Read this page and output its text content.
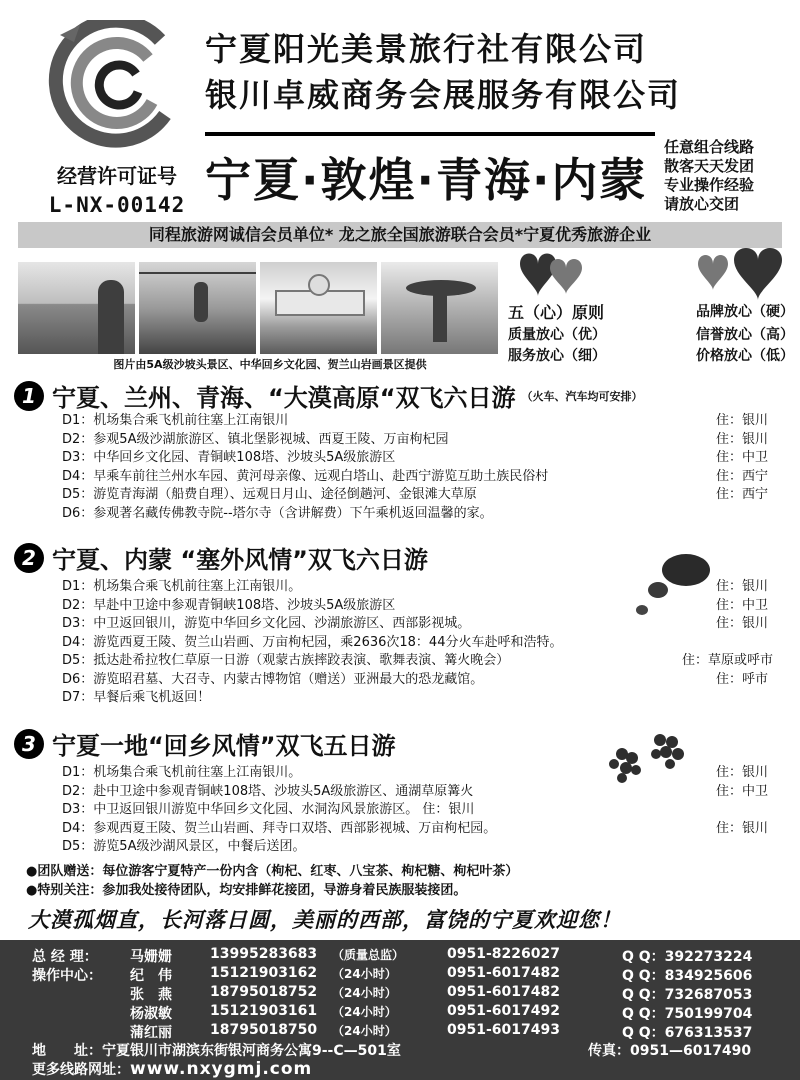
经营许可证号
L-NX-00142
宁夏阳光美景旅行社有限公司
银川卓威商务会展服务有限公司
宁夏·敦煌·青海·内蒙
任意组合线路
散客天天发团
专业操作经验
请放心交团
同程旅游网诚信会员单位* 龙之旅全国旅游联合会员*宁夏优秀旅游企业
图片由5A级沙坡头景区、中华回乡文化园、贺兰山岩画景区提供
五（心）原则	品牌放心（硬）
质量放心（优）	信誉放心（高）
服务放心（细）	价格放心（低）
1 宁夏、兰州、青海、“大漠高原“双飞六日游 （火车、汽车均可安排）
D1： 机场集合乘飞机前往塞上江南银川	住：银川
D2： 参观5A级沙湖旅游区、镇北堡影视城、西夏王陵、万亩枸杞园	住：银川
D3： 中华回乡文化园、青铜峡108塔、沙坡头5A级旅游区	住：中卫
D4： 早乘车前往兰州水车园、黄河母亲像、远观白塔山、赴西宁游览互助土族民俗村	住：西宁
D5： 游览青海湖（船费自理）、远观日月山、途径倒趟河、金银滩大草原	住：西宁
D6： 参观著名藏传佛教寺院--塔尔寺（含讲解费）下午乘机返回温馨的家。
2 宁夏、内蒙 “塞外风情”双飞六日游
D1： 机场集合乘飞机前往塞上江南银川。	住：银川
D2： 早赴中卫途中参观青铜峡108塔、沙坡头5A级旅游区	住：中卫
D3： 中卫返回银川，游览中华回乡文化园、沙湖旅游区、西部影视城。	住：银川
D4： 游览西夏王陵、贺兰山岩画、万亩枸杞园，乘2636次18：44分火车赴呼和浩特。
D5： 抵达赴希拉牧仁草原一日游（观蒙古族摔跤表演、歌舞表演、篝火晚会）	住：草原或呼市
D6： 游览昭君墓、大召寺、内蒙古博物馆（赠送）亚洲最大的恐龙藏馆。	住：呼市
D7： 早餐后乘飞机返回！
3 宁夏一地“回乡风情”双飞五日游
D1： 机场集合乘飞机前往塞上江南银川。	住：银川
D2： 赴中卫途中参观青铜峡108塔、沙坡头5A级旅游区、通湖草原篝火	住：中卫
D3： 中卫返回银川游览中华回乡文化园、水洞沟风景旅游区。 住：银川
D4： 参观西夏王陵、贺兰山岩画、拜寺口双塔、西部影视城、万亩枸杞园。	住：银川
D5： 游览5A级沙湖风景区，中餐后送团。
●团队赠送：每位游客宁夏特产一份内含（枸杞、红枣、八宝茶、枸杞糖、枸杞叶茶）
●特别关注：参加我处接待团队，均安排鲜花接团，导游身着民族服装接团。
大漠孤烟直，长河落日圆，美丽的西部，富饶的宁夏欢迎您！
总 经 理： 马姗姗	13995283683 （质量总监）	0951-8226027	Q Q：392273224
操作中心： 纪　伟	15121903162 （24小时）	0951-6017482	Q Q：834925606
张　燕	18795018752 （24小时）	0951-6017482	Q Q：732687053
杨淑敏	15121903161 （24小时）	0951-6017492	Q Q：750199704
蒲红丽	18795018750 （24小时）	0951-6017493	Q Q：676313537
地　　址：宁夏银川市湖滨东街银河商务公寓9--C—501室	传真：0951—6017490
更多线路网址：www.nxygmj.com
